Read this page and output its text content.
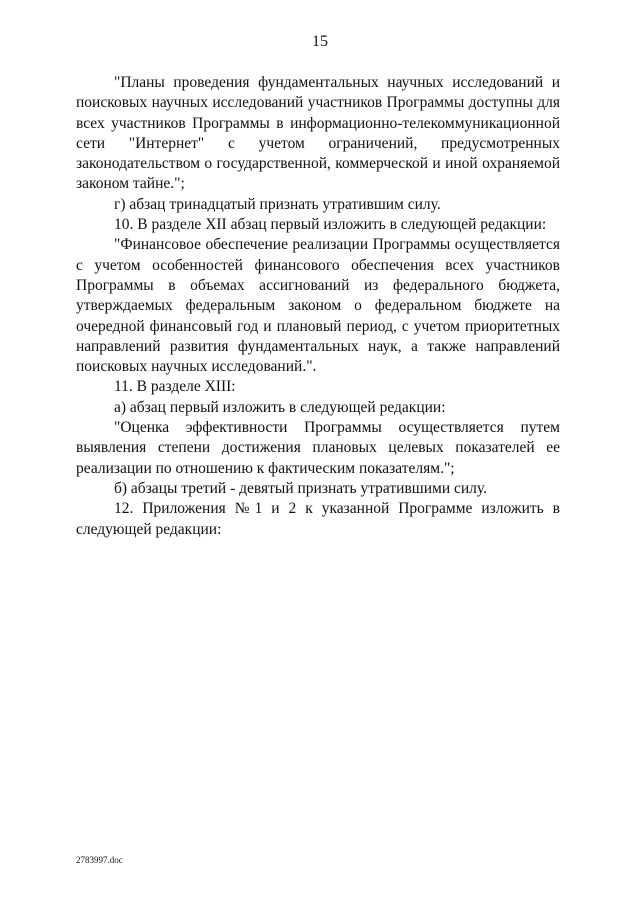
15

"Планы проведения фундаментальных научных исследований и поисковых научных исследований участников Программы доступны для всех участников Программы в информационно-телекоммуникационной сети "Интернет" с учетом ограничений, предусмотренных законодательством о государственной, коммерческой и иной охраняемой законом тайне.";

г) абзац тринадцатый признать утратившим силу.

10. В разделе XII абзац первый изложить в следующей редакции:

"Финансовое обеспечение реализации Программы осуществляется с учетом особенностей финансового обеспечения всех участников Программы в объемах ассигнований из федерального бюджета, утверждаемых федеральным законом о федеральном бюджете на очередной финансовый год и плановый период, с учетом приоритетных направлений развития фундаментальных наук, а также направлений поисковых научных исследований.".

11. В разделе XIII:

а) абзац первый изложить в следующей редакции:

"Оценка эффективности Программы осуществляется путем выявления степени достижения плановых целевых показателей ее реализации по отношению к фактическим показателям.";

б) абзацы третий - девятый признать утратившими силу.

12. Приложения №1 и 2 к указанной Программе изложить в следующей редакции:

2783997.doc
